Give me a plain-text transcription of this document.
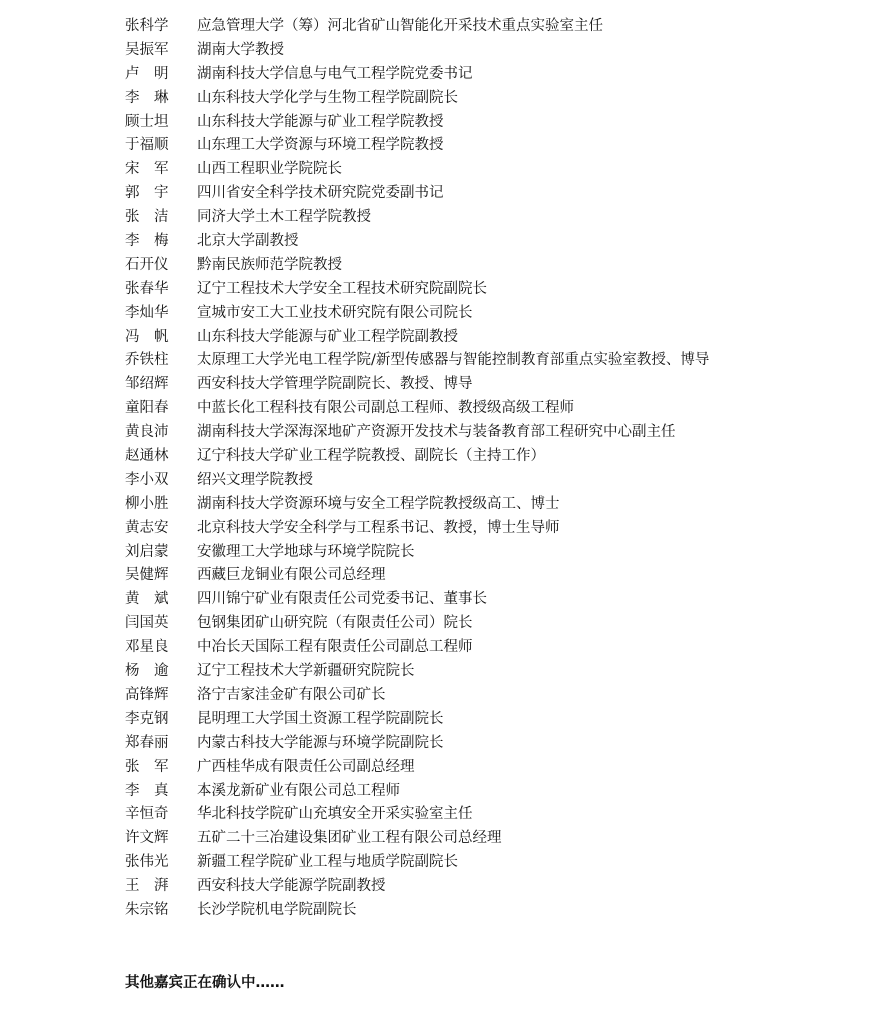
张科学	应急管理大学（筹）河北省矿山智能化开采技术重点实验室主任
吴振军	湖南大学教授
卢　明	湖南科技大学信息与电气工程学院党委书记
李　琳	山东科技大学化学与生物工程学院副院长
顾士坦	山东科技大学能源与矿业工程学院教授
于福顺	山东理工大学资源与环境工程学院教授
宋　军	山西工程职业学院院长
郭　宇	四川省安全科学技术研究院党委副书记
张　洁	同济大学土木工程学院教授
李　梅	北京大学副教授
石开仪	黔南民族师范学院教授
张春华	辽宁工程技术大学安全工程技术研究院副院长
李灿华	宣城市安工大工业技术研究院有限公司院长
冯　帆	山东科技大学能源与矿业工程学院副教授
乔铁柱	太原理工大学光电工程学院/新型传感器与智能控制教育部重点实验室教授、博导
邹绍辉	西安科技大学管理学院副院长、教授、博导
童阳春	中蓝长化工程科技有限公司副总工程师、教授级高级工程师
黄良沛	湖南科技大学深海深地矿产资源开发技术与装备教育部工程研究中心副主任
赵通林	辽宁科技大学矿业工程学院教授、副院长（主持工作）
李小双	绍兴文理学院教授
柳小胜	湖南科技大学资源环境与安全工程学院教授级高工、博士
黄志安	北京科技大学安全科学与工程系书记、教授，博士生导师
刘启蒙	安徽理工大学地球与环境学院院长
吴健辉	西藏巨龙铜业有限公司总经理
黄　斌	四川锦宁矿业有限责任公司党委书记、董事长
闫国英	包钢集团矿山研究院（有限责任公司）院长
邓星良	中冶长天国际工程有限责任公司副总工程师
杨　逾	辽宁工程技术大学新疆研究院院长
高锋辉	洛宁吉家洼金矿有限公司矿长
李克钢	昆明理工大学国土资源工程学院副院长
郑春丽	内蒙古科技大学能源与环境学院副院长
张　军	广西桂华成有限责任公司副总经理
李　真	本溪龙新矿业有限公司总工程师
辛恒奇	华北科技学院矿山充填安全开采实验室主任
许文辉	五矿二十三冶建设集团矿业工程有限公司总经理
张伟光	新疆工程学院矿业工程与地质学院副院长
王　湃	西安科技大学能源学院副教授
朱宗铭	长沙学院机电学院副院长
其他嘉宾正在确认中……
